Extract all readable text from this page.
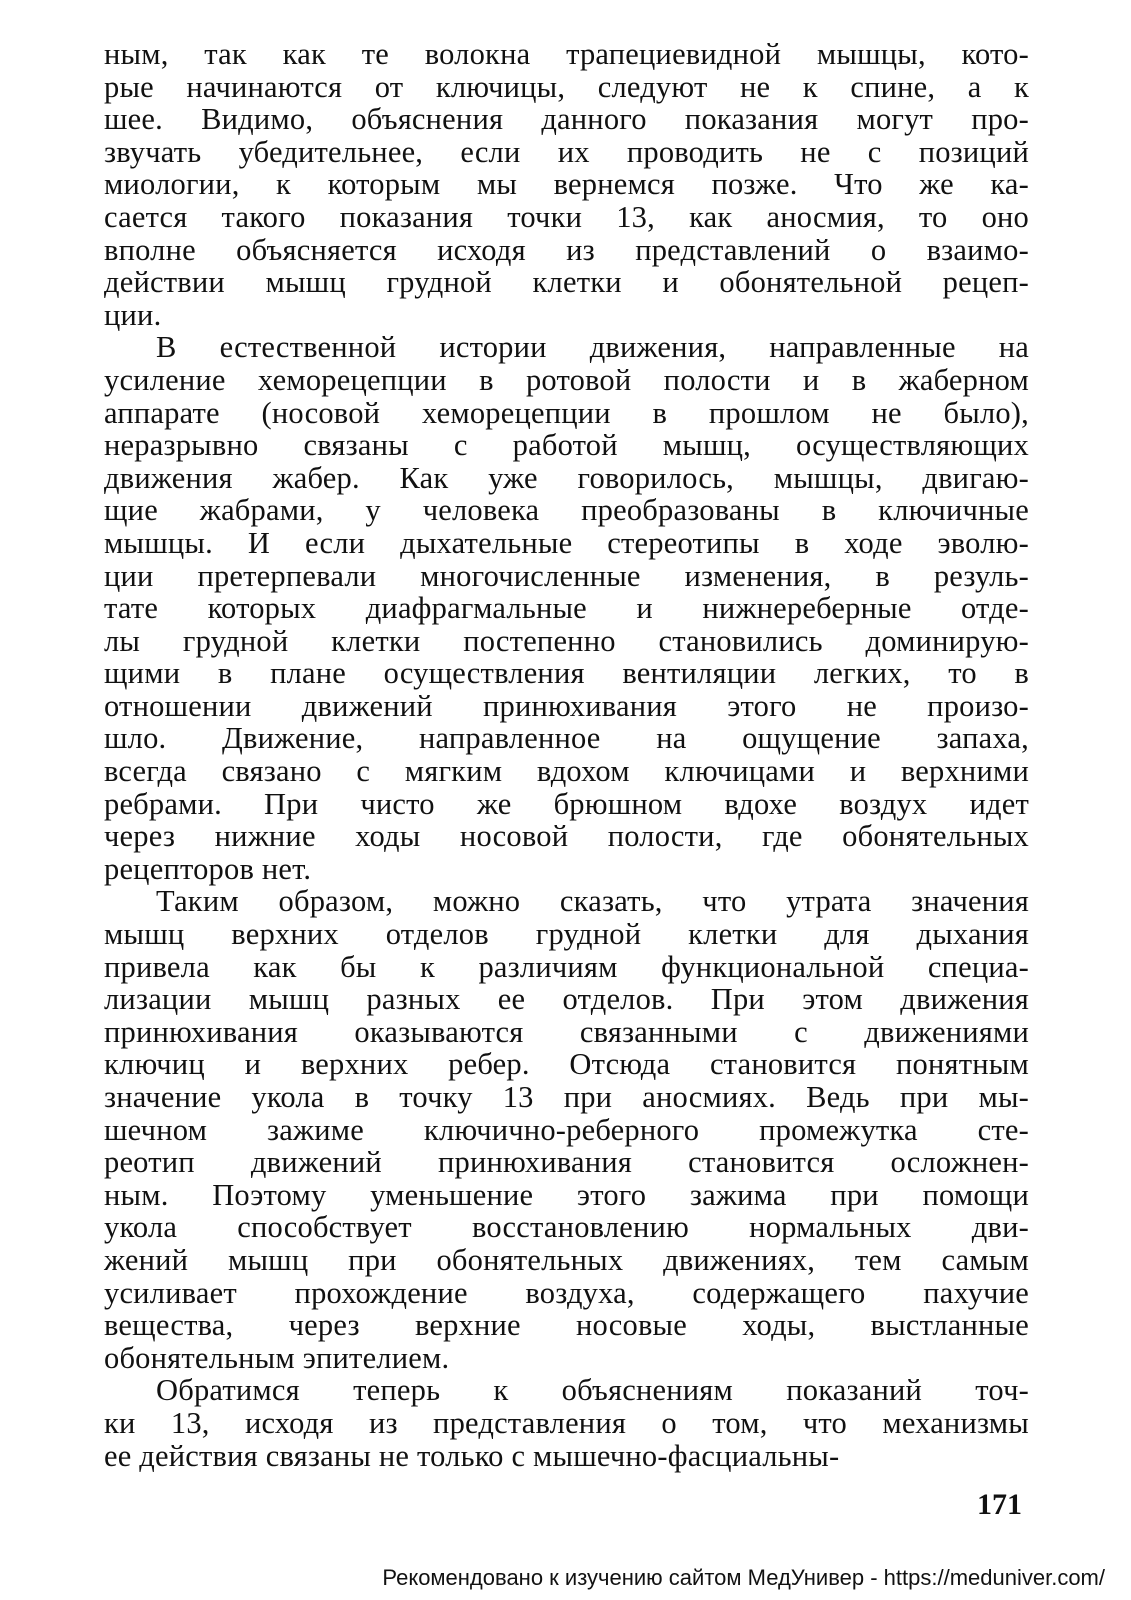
ным, так как те волокна трапециевидной мышцы, кото-
рые начинаются от ключицы, следуют не к спине, а к
шее. Видимо, объяснения данного показания могут про-
звучать убедительнее, если их проводить не с позиций
миологии, к которым мы вернемся позже. Что же ка-
сается такого показания точки 13, как аносмия, то оно
вполне объясняется исходя из представлений о взаимо-
действии мышц грудной клетки и обонятельной рецеп-
ции.
В естественной истории движения, направленные на
усиление хеморецепции в ротовой полости и в жаберном
аппарате (носовой хеморецепции в прошлом не было),
неразрывно связаны с работой мышц, осуществляющих
движения жабер. Как уже говорилось, мышцы, двигаю-
щие жабрами, у человека преобразованы в ключичные
мышцы. И если дыхательные стереотипы в ходе эволю-
ции претерпевали многочисленные изменения, в резуль-
тате которых диафрагмальные и нижнереберные отде-
лы грудной клетки постепенно становились доминирую-
щими в плане осуществления вентиляции легких, то в
отношении движений принюхивания этого не произо-
шло. Движение, направленное на ощущение запаха,
всегда связано с мягким вдохом ключицами и верхними
ребрами. При чисто же брюшном вдохе воздух идет
через нижние ходы носовой полости, где обонятельных
рецепторов нет.
Таким образом, можно сказать, что утрата значения
мышц верхних отделов грудной клетки для дыхания
привела как бы к различиям функциональной специа-
лизации мышц разных ее отделов. При этом движения
принюхивания оказываются связанными с движениями
ключиц и верхних ребер. Отсюда становится понятным
значение укола в точку 13 при аносмиях. Ведь при мы-
шечном зажиме ключично-реберного промежутка сте-
реотип движений принюхивания становится осложнен-
ным. Поэтому уменьшение этого зажима при помощи
укола способствует восстановлению нормальных дви-
жений мышц при обонятельных движениях, тем самым
усиливает прохождение воздуха, содержащего пахучие
вещества, через верхние носовые ходы, выстланные
обонятельным эпителием.
Обратимся теперь к объяснениям показаний точ-
ки 13, исходя из представления о том, что механизмы
ее действия связаны не только с мышечно-фасциальны-
171
Рекомендовано к изучению сайтом МедУнивер - https://meduniver.com/
